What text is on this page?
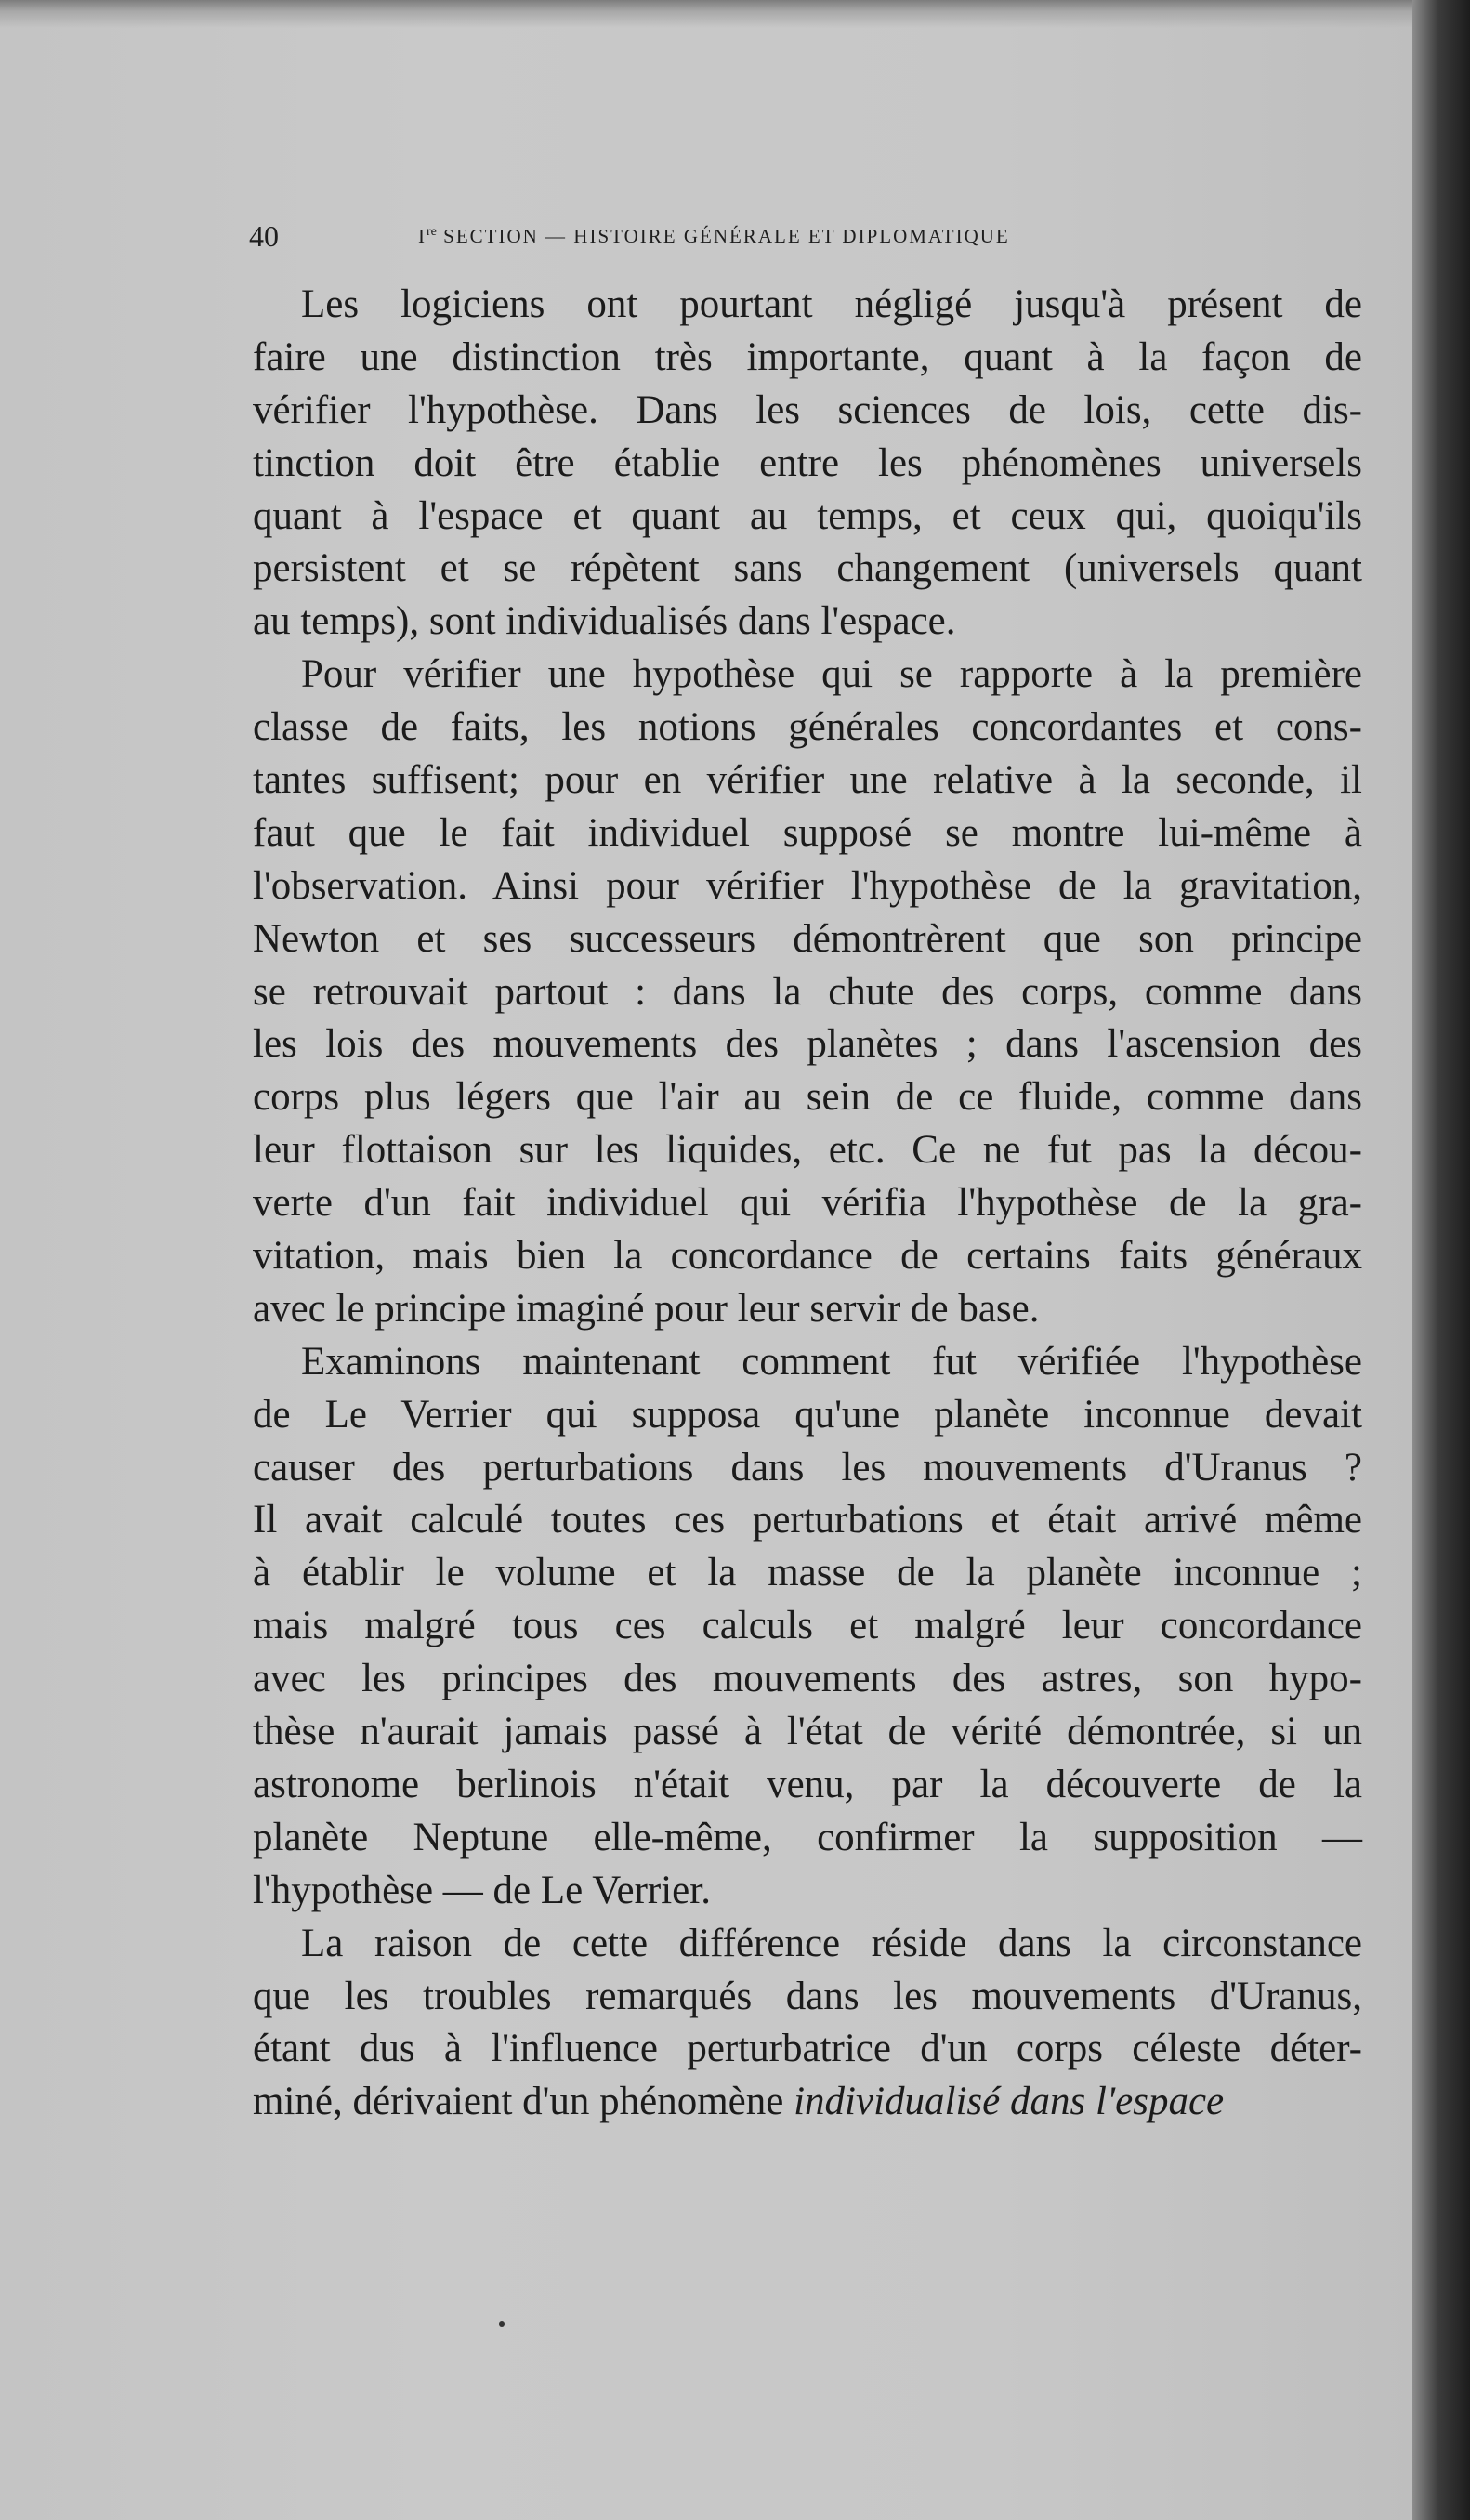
40	Ire SECTION — HISTOIRE GÉNÉRALE ET DIPLOMATIQUE
Les logiciens ont pourtant négligé jusqu'à présent de
faire une distinction très importante, quant à la façon de
vérifier l'hypothèse. Dans les sciences de lois, cette dis-
tinction doit être établie entre les phénomènes universels
quant à l'espace et quant au temps, et ceux qui, quoiqu'ils
persistent et se répètent sans changement (universels quant
au temps), sont individualisés dans l'espace.
Pour vérifier une hypothèse qui se rapporte à la première
classe de faits, les notions générales concordantes et cons-
tantes suffisent; pour en vérifier une relative à la seconde, il
faut que le fait individuel supposé se montre lui-même à
l'observation. Ainsi pour vérifier l'hypothèse de la gravitation,
Newton et ses successeurs démontrèrent que son principe
se retrouvait partout : dans la chute des corps, comme dans
les lois des mouvements des planètes ; dans l'ascension des
corps plus légers que l'air au sein de ce fluide, comme dans
leur flottaison sur les liquides, etc. Ce ne fut pas la décou-
verte d'un fait individuel qui vérifia l'hypothèse de la gra-
vitation, mais bien la concordance de certains faits généraux
avec le principe imaginé pour leur servir de base.
Examinons maintenant comment fut vérifiée l'hypothèse
de Le Verrier qui supposa qu'une planète inconnue devait
causer des perturbations dans les mouvements d'Uranus ?
Il avait calculé toutes ces perturbations et était arrivé même
à établir le volume et la masse de la planète inconnue ;
mais malgré tous ces calculs et malgré leur concordance
avec les principes des mouvements des astres, son hypo-
thèse n'aurait jamais passé à l'état de vérité démontrée, si un
astronome berlinois n'était venu, par la découverte de la
planète Neptune elle-même, confirmer la supposition —
l'hypothèse — de Le Verrier.
La raison de cette différence réside dans la circonstance
que les troubles remarqués dans les mouvements d'Uranus,
étant dus à l'influence perturbatrice d'un corps céleste déter-
miné, dérivaient d'un phénomène individualisé dans l'espace
